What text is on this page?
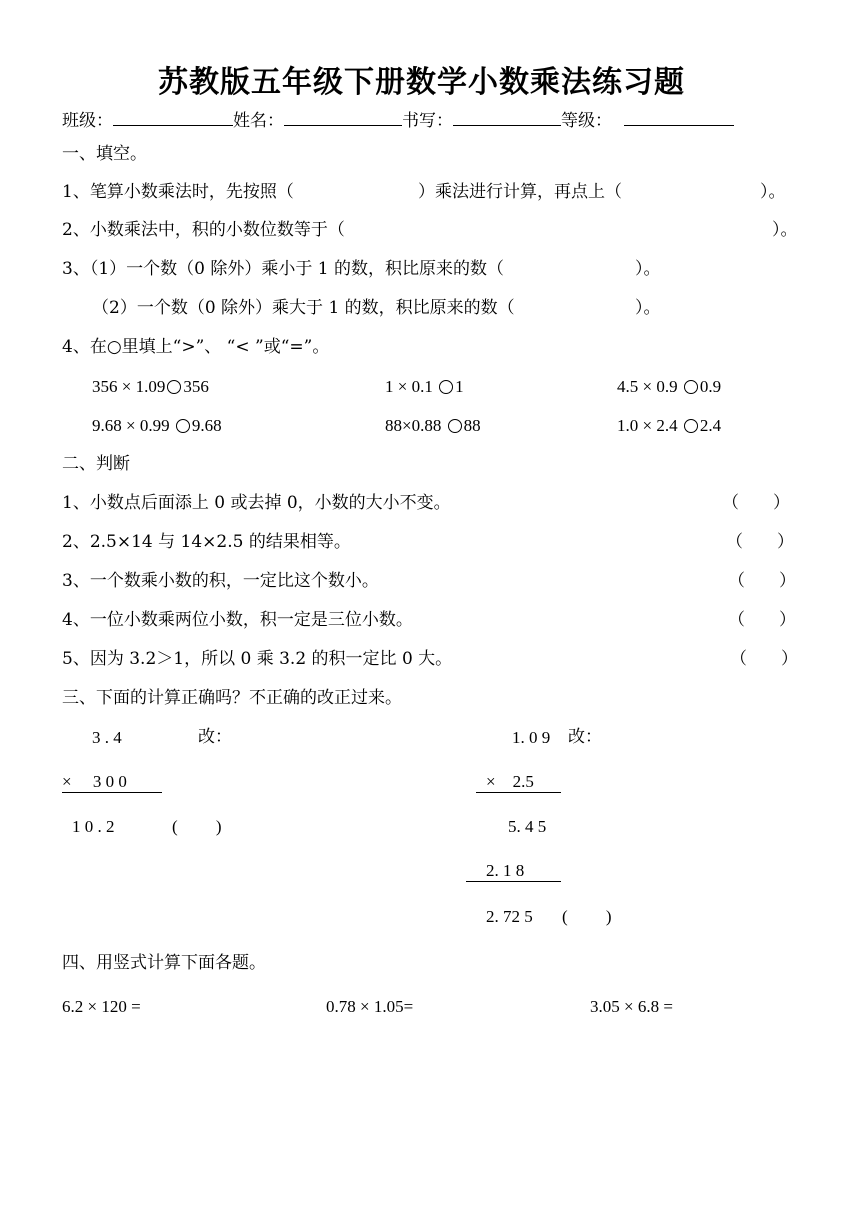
苏教版五年级下册数学小数乘法练习题
班级：	姓名：	书写：	等级：
一、填空。
1、笔算小数乘法时，先按照（	）乘法进行计算，再点上（	）。
2、小数乘法中，积的小数位数等于（	）。
3、（1）一个数（0 除外）乘小于 1 的数，积比原来的数（	）。
（2）一个数（0 除外）乘大于 1 的数，积比原来的数（	）。
4、在○里填上“>”、 “< ”或“=”。
356 × 1.09 356	1 × 0.1 1	4.5 × 0.9 0.9
9.68 × 0.99 9.68	88×0.88 88	1.0 × 2.4 2.4
二、判断
1、小数点后面添上 0 或去掉 0，小数的大小不变。	（　　）
2、2.5×14 与 14×2.5 的结果相等。	（　　）
3、一个数乘小数的积，一定比这个数小。	（　　）
4、一位小数乘两位小数，积一定是三位小数。	（　　）
5、因为 3.2＞1，所以 0 乘 3.2 的积一定比 0 大。	（　　）
三、下面的计算正确吗？不正确的改正过来。
3 . 4	改：
×　 3 0 0
1 0 . 2	(　　 )
1. 0 9 改：
×　2.5
5. 4 5
2. 1 8
2. 72 5 (　　 )
四、用竖式计算下面各题。
6.2 × 120 =	0.78 × 1.05=	3.05 × 6.8 =
